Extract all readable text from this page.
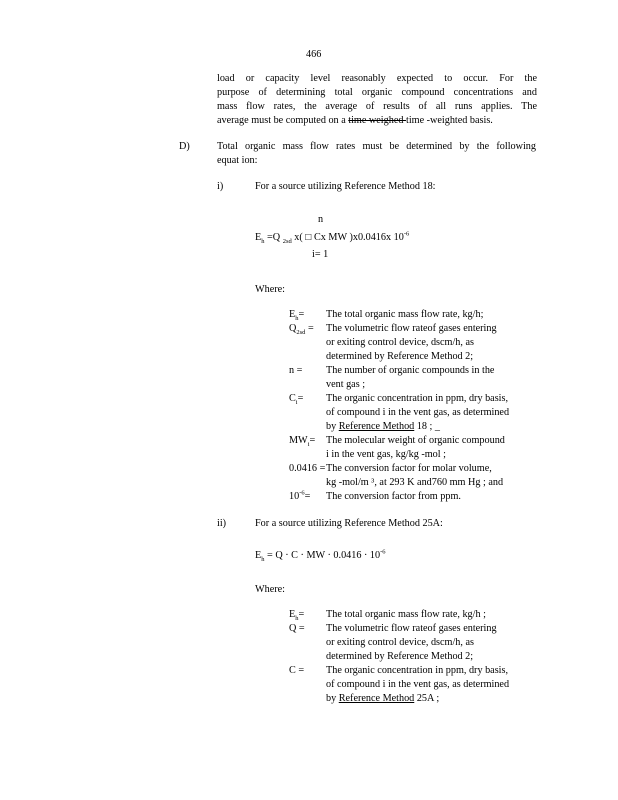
466
load or capacity level reasonably expected to occur. For the
purpose of determining total organic compound concentrations and
mass flow rates, the average of results of all runs applies. The
average must be computed on a time weighed time -weighted basis.
D)	Total organic mass flow rates must be determined by the following
equat ion:
i)	For a source utilizing Reference Method 18:
n
$E_h =Q$ $_{2sd}$ x( □ Cx MW )x0.0416x $10^{-6}$
i= 1
Where:
$E_h=$ The total organic mass flow rate, kg/h;
$Q_{2sd}$ = The volumetric flow rateof gases entering
or exiting control device, dscm/h, as
determined by Reference Method 2;
n = The number of organic compounds in the
vent gas ;
$C_i=$ The organic concentration in ppm, dry basis,
of compound i in the vent gas, as determined
by Reference Method 18 ; _
$MW_i=$ The molecular weight of organic compound
i in the vent gas, kg/kg -mol ;
0.0416 = The conversion factor for molar volume,
kg -mol/m ³, at 293 K and760 mm Hg ; and
$10^{-6}=$ The conversion factor from ppm.
ii)	For a source utilizing Reference Method 25A:
$E_h = Q \cdot C$ · MW · $0.0416 \cdot 10^{-6}$
Where:
$E_h=$ The total organic mass flow rate, kg/h ;
Q = The volumetric flow rateof gases entering
or exiting control device, dscm/h, as
determined by Reference Method 2;
C = The organic concentration in ppm, dry basis,
of compound i in the vent gas, as determined
by Reference Method 25A ;
